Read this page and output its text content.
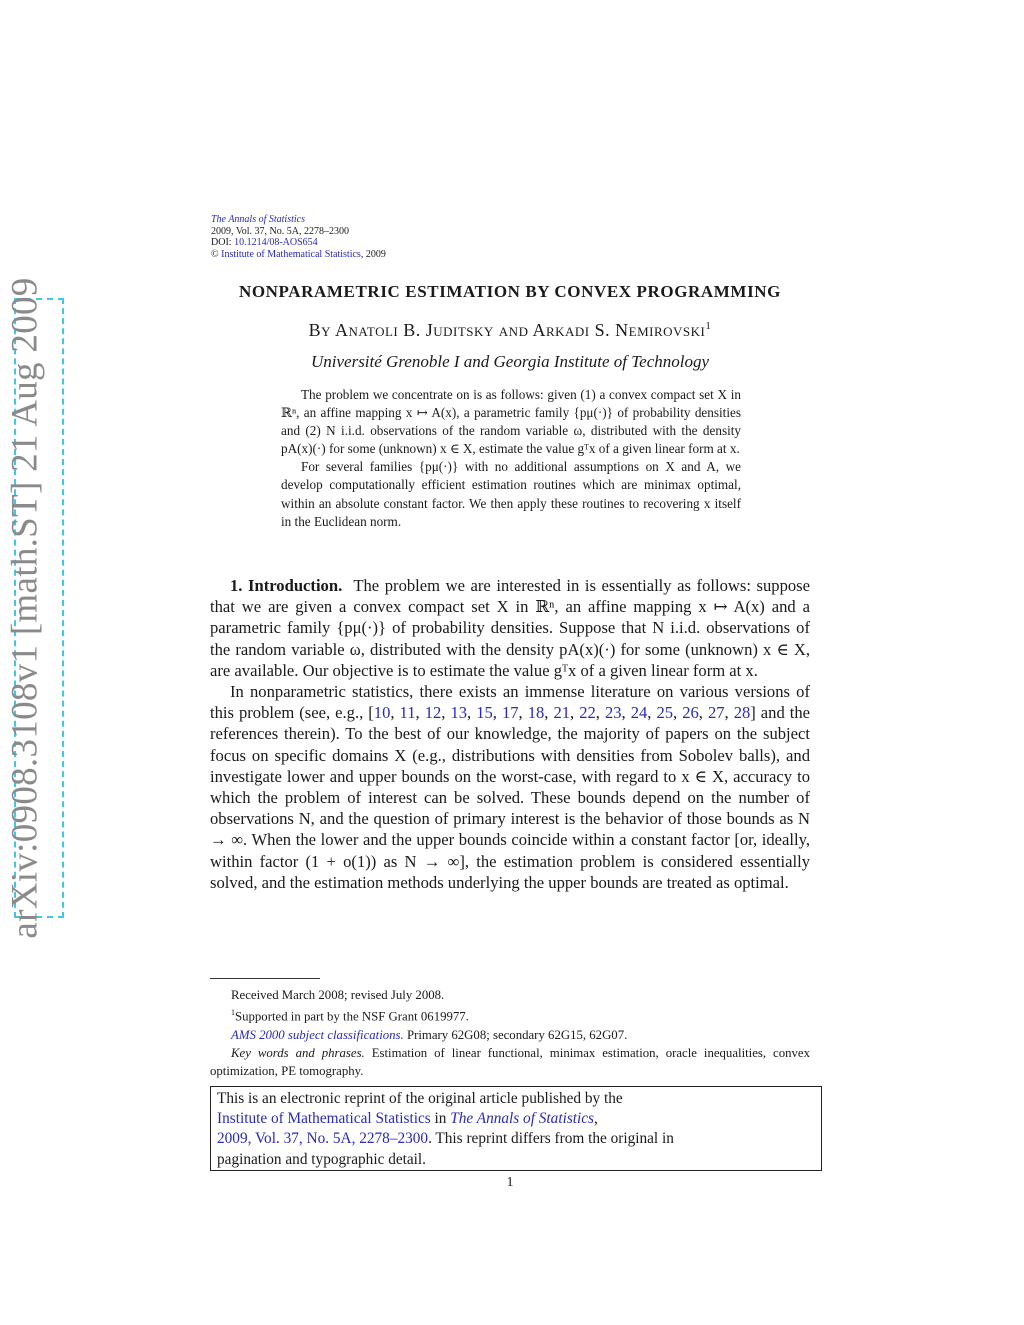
arXiv:0908.3108v1 [math.ST] 21 Aug 2009
The Annals of Statistics
2009, Vol. 37, No. 5A, 2278–2300
DOI: 10.1214/08-AOS654
© Institute of Mathematical Statistics, 2009
NONPARAMETRIC ESTIMATION BY CONVEX PROGRAMMING
By Anatoli B. Juditsky and Arkadi S. Nemirovski$^1$
Université Grenoble I and Georgia Institute of Technology

The problem we concentrate on is as follows: given (1) a convex compact set X in ℝⁿ, an affine mapping x ↦ A(x), a parametric family {pμ(·)} of probability densities and (2) N i.i.d. observations of the random variable ω, distributed with the density pA(x)(·) for some (unknown) x ∈ X, estimate the value gᵀx of a given linear form at x.

For several families {pμ(·)} with no additional assumptions on X and A, we develop computationally efficient estimation routines which are minimax optimal, within an absolute constant factor. We then apply these routines to recovering x itself in the Euclidean norm.

1. Introduction. The problem we are interested in is essentially as follows: suppose that we are given a convex compact set X in ℝⁿ, an affine mapping x ↦ A(x) and a parametric family {pμ(·)} of probability densities. Suppose that N i.i.d. observations of the random variable ω, distributed with the density pA(x)(·) for some (unknown) x ∈ X, are available. Our objective is to estimate the value gᵀx of a given linear form at x.

In nonparametric statistics, there exists an immense literature on various versions of this problem (see, e.g., [10, 11, 12, 13, 15, 17, 18, 21, 22, 23, 24, 25, 26, 27, 28] and the references therein). To the best of our knowledge, the majority of papers on the subject focus on specific domains X (e.g., distributions with densities from Sobolev balls), and investigate lower and upper bounds on the worst-case, with regard to x ∈ X, accuracy to which the problem of interest can be solved. These bounds depend on the number of observations N, and the question of primary interest is the behavior of those bounds as N → ∞. When the lower and the upper bounds coincide within a constant factor [or, ideally, within factor (1 + o(1)) as N → ∞], the estimation problem is considered essentially solved, and the estimation methods underlying the upper bounds are treated as optimal.

Received March 2008; revised July 2008.
$^1$Supported in part by the NSF Grant 0619977.
AMS 2000 subject classifications. Primary 62G08; secondary 62G15, 62G07.
Key words and phrases. Estimation of linear functional, minimax estimation, oracle inequalities, convex optimization, PE tomography.
This is an electronic reprint of the original article published by the
Institute of Mathematical Statistics in The Annals of Statistics,
2009, Vol. 37, No. 5A, 2278–2300. This reprint differs from the original in
pagination and typographic detail.
1
